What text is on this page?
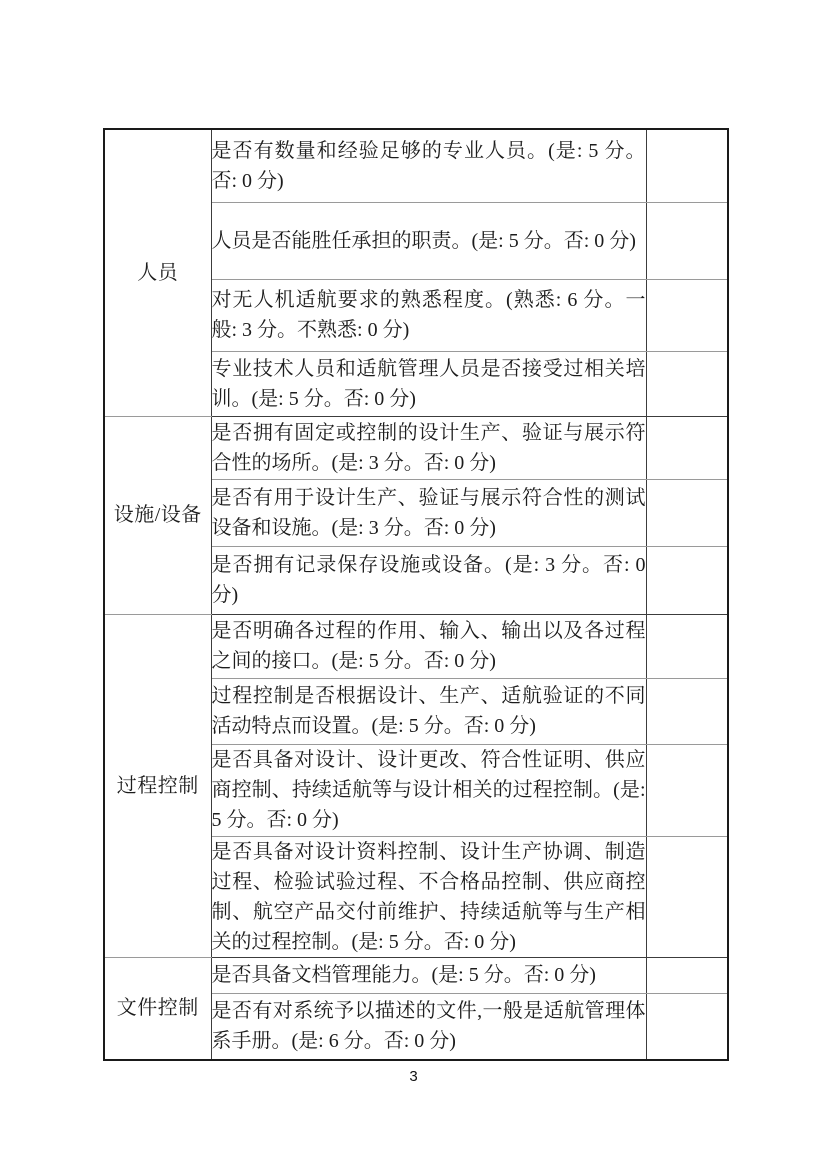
人员	是否有数量和经验足够的专业人员。(是: 5 分。否: 0 分)	
	人员是否能胜任承担的职责。(是: 5 分。否: 0 分)	
	对无人机适航要求的熟悉程度。(熟悉: 6 分。一般: 3 分。不熟悉: 0 分)	
	专业技术人员和适航管理人员是否接受过相关培训。(是: 5 分。否: 0 分)	
设施/设备	是否拥有固定或控制的设计生产、验证与展示符合性的场所。(是: 3 分。否: 0 分)	
	是否有用于设计生产、验证与展示符合性的测试设备和设施。(是: 3 分。否: 0 分)	
	是否拥有记录保存设施或设备。(是: 3 分。否: 0 分)	
过程控制	是否明确各过程的作用、输入、输出以及各过程之间的接口。(是: 5 分。否: 0 分)	
	过程控制是否根据设计、生产、适航验证的不同活动特点而设置。(是: 5 分。否: 0 分)	
	是否具备对设计、设计更改、符合性证明、供应商控制、持续适航等与设计相关的过程控制。(是: 5 分。否: 0 分)	
	是否具备对设计资料控制、设计生产协调、制造过程、检验试验过程、不合格品控制、供应商控制、航空产品交付前维护、持续适航等与生产相关的过程控制。(是: 5 分。否: 0 分)	
文件控制	是否具备文档管理能力。(是: 5 分。否: 0 分)	
	是否有对系统予以描述的文件,一般是适航管理体系手册。(是: 6 分。否: 0 分)	
3
